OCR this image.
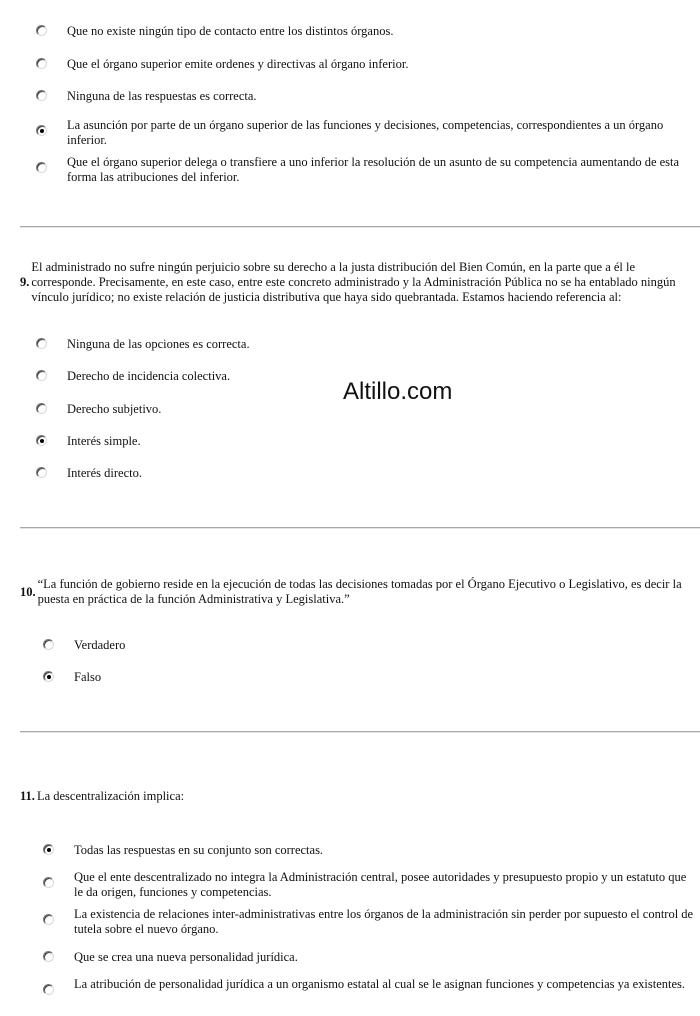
Que no existe ningún tipo de contacto entre los distintos órganos.
Que el órgano superior emite ordenes y directivas al órgano inferior.
Ninguna de las respuestas es correcta.
La asunción por parte de un órgano superior de las funciones y decisiones, competencias, correspondientes a un órgano inferior.
Que el órgano superior delega o transfiere a uno inferior la resolución de un asunto de su competencia aumentando de esta forma las atribuciones del inferior.
9.
El administrado no sufre ningún perjuicio sobre su derecho a la justa distribución del Bien Común, en la parte que a él le corresponde. Precisamente, en este caso, entre este concreto administrado y la Administración Pública no se ha entablado ningún vínculo jurídico; no existe relación de justicia distributiva que haya sido quebrantada. Estamos haciendo referencia al:
Ninguna de las opciones es correcta.
Derecho de incidencia colectiva.
Derecho subjetivo.
Interés simple.
Interés directo.
Altillo.com
10.
“La función de gobierno reside en la ejecución de todas las decisiones tomadas por el Órgano Ejecutivo o Legislativo, es decir la puesta en práctica de la función Administrativa y Legislativa.”
Verdadero
Falso
11. La descentralización implica:
Todas las respuestas en su conjunto son correctas.
Que el ente descentralizado no integra la Administración central, posee autoridades y presupuesto propio y un estatuto que le da origen, funciones y competencias.
La existencia de relaciones inter-administrativas entre los órganos de la administración sin perder por supuesto el control de tutela sobre el nuevo órgano.
Que se crea una nueva personalidad jurídica.
La atribución de personalidad jurídica a un organismo estatal al cual se le asignan funciones y competencias ya existentes.
